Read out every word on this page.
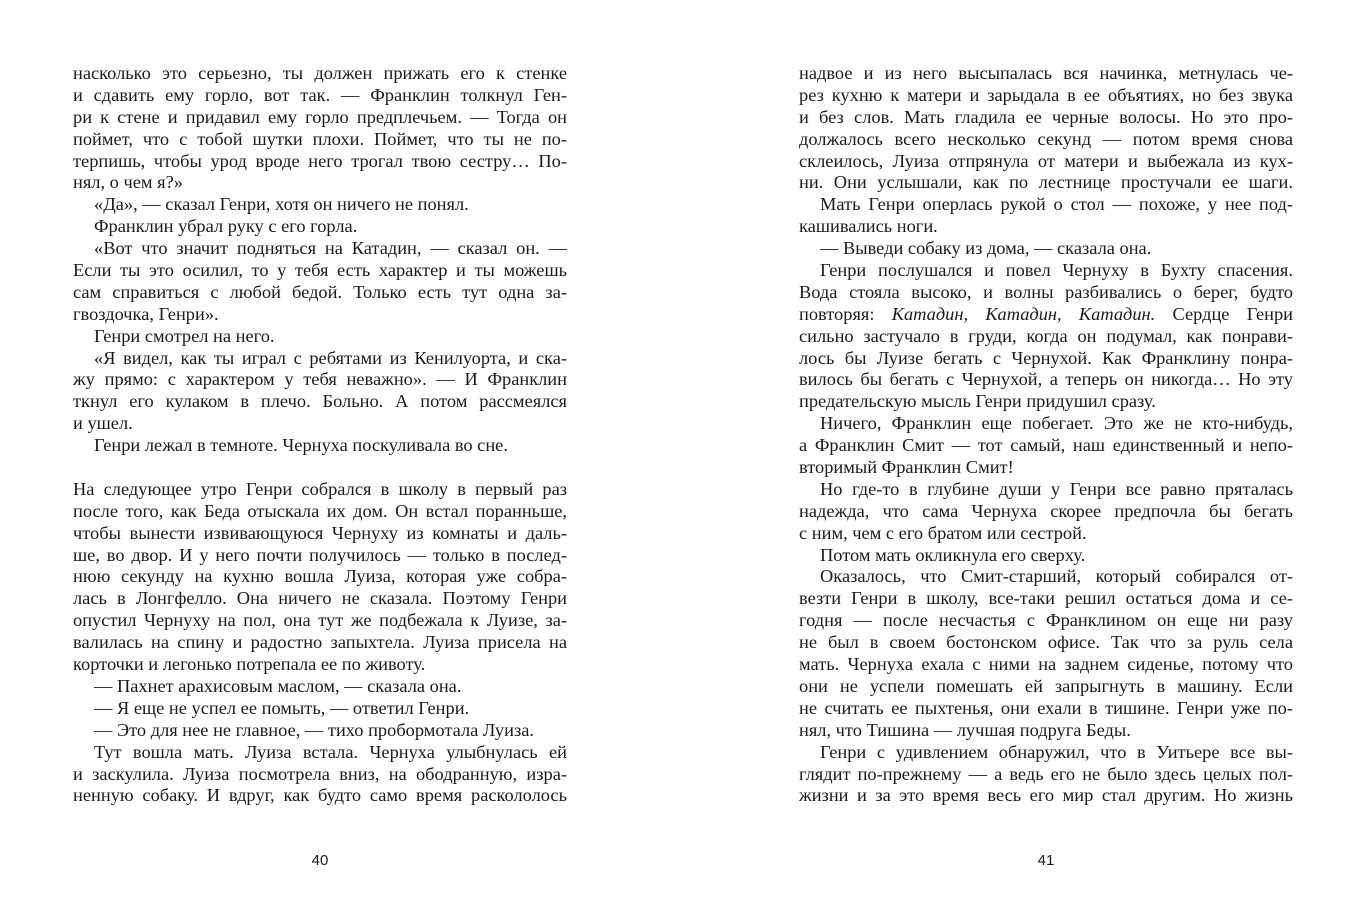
насколько это серьезно, ты должен прижать его к стенке
и сдавить ему горло, вот так. — Франклин толкнул Ген-
ри к стене и придавил ему горло предплечьем. — Тогда он
поймет, что с тобой шутки плохи. Поймет, что ты не по-
терпишь, чтобы урод вроде него трогал твою сестру… По-
нял, о чем я?»
«Да», — сказал Генри, хотя он ничего не понял.
Франклин убрал руку с его горла.
«Вот что значит подняться на Катадин, — сказал он. —
Если ты это осилил, то у тебя есть характер и ты можешь
сам справиться с любой бедой. Только есть тут одна за-
гвоздочка, Генри».
Генри смотрел на него.
«Я видел, как ты играл с ребятами из Кенилуорта, и ска-
жу прямо: с характером у тебя неважно». — И Франклин
ткнул его кулаком в плечо. Больно. А потом рассмеялся
и ушел.
Генри лежал в темноте. Чернуха поскуливала во сне.
На следующее утро Генри собрался в школу в первый раз
после того, как Беда отыскала их дом. Он встал поранньше,
чтобы вынести извивающуюся Чернуху из комнаты и даль-
ше, во двор. И у него почти получилось — только в послед-
нюю секунду на кухню вошла Луиза, которая уже собра-
лась в Лонгфелло. Она ничего не сказала. Поэтому Генри
опустил Чернуху на пол, она тут же подбежала к Луизе, за-
валилась на спину и радостно запыхтела. Луиза присела на
корточки и легонько потрепала ее по животу.
— Пахнет арахисовым маслом, — сказала она.
— Я еще не успел ее помыть, — ответил Генри.
— Это для нее не главное, — тихо пробормотала Луиза.
Тут вошла мать. Луиза встала. Чернуха улыбнулась ей
и заскулила. Луиза посмотрела вниз, на ободранную, изра-
ненную собаку. И вдруг, как будто само время раскололось
40
надвое и из него высыпалась вся начинка, метнулась че-
рез кухню к матери и зарыдала в ее объятиях, но без звука
и без слов. Мать гладила ее черные волосы. Но это про-
должалось всего несколько секунд — потом время снова
склеилось, Луиза отпрянула от матери и выбежала из кух-
ни. Они услышали, как по лестнице простучали ее шаги.
Мать Генри оперлась рукой о стол — похоже, у нее под-
кашивались ноги.
— Выведи собаку из дома, — сказала она.
Генри послушался и повел Чернуху в Бухту спасения.
Вода стояла высоко, и волны разбивались о берег, будто
повторяя: Катадин, Катадин, Катадин. Сердце Генри
сильно застучало в груди, когда он подумал, как понрави-
лось бы Луизе бегать с Чернухой. Как Франклину понра-
вилось бы бегать с Чернухой, а теперь он никогда… Но эту
предательскую мысль Генри придушил сразу.
Ничего, Франклин еще побегает. Это же не кто-нибудь,
а Франклин Смит — тот самый, наш единственный и непо-
вторимый Франклин Смит!
Но где-то в глубине души у Генри все равно пряталась
надежда, что сама Чернуха скорее предпочла бы бегать
с ним, чем с его братом или сестрой.
Потом мать окликнула его сверху.
Оказалось, что Смит-старший, который собирался от-
везти Генри в школу, все-таки решил остаться дома и се-
годня — после несчастья с Франклином он еще ни разу
не был в своем бостонском офисе. Так что за руль села
мать. Чернуха ехала с ними на заднем сиденье, потому что
они не успели помешать ей запрыгнуть в машину. Если
не считать ее пыхтенья, они ехали в тишине. Генри уже по-
нял, что Тишина — лучшая подруга Беды.
Генри с удивлением обнаружил, что в Уитьере все вы-
глядит по-прежнему — а ведь его не было здесь целых пол-
жизни и за это время весь его мир стал другим. Но жизнь
41
